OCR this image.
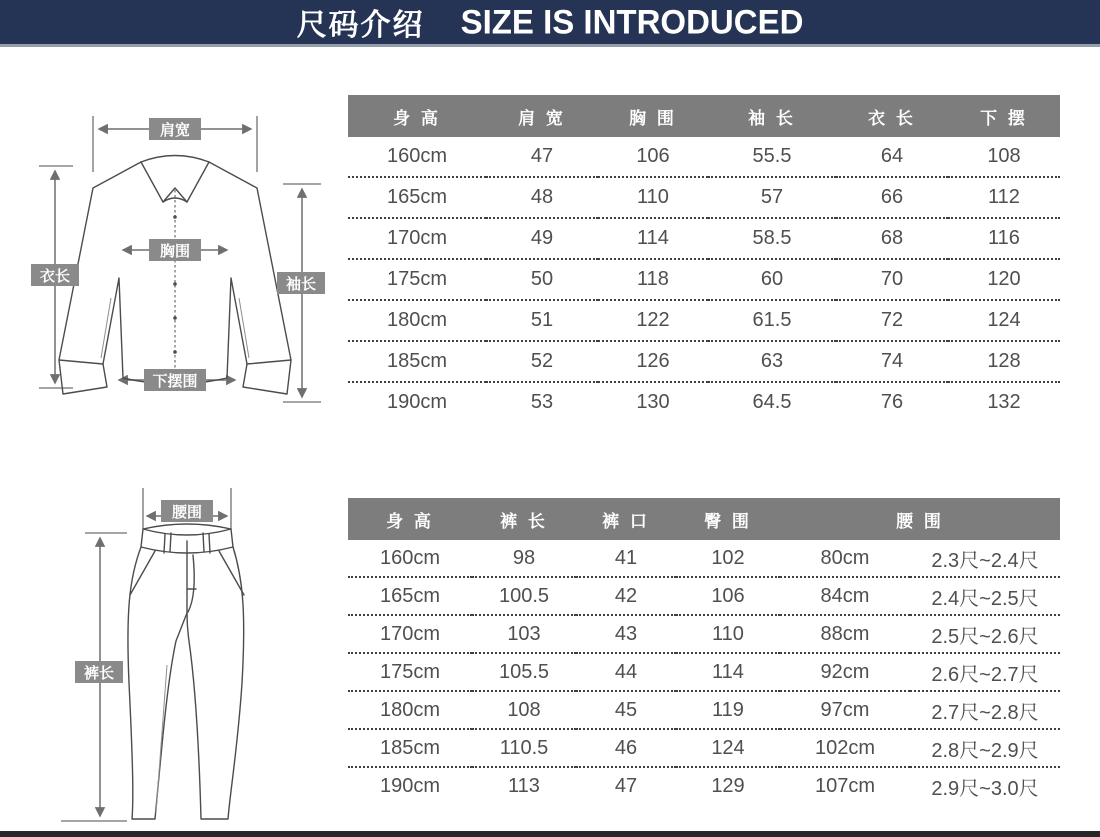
尺码介绍 SIZE IS INTRODUCED
肩宽
衣长
胸围
袖长
下摆围
身 高	肩 宽	胸 围	袖 长	衣 长	下 摆
160cm	47	106	55.5	64	108
165cm	48	110	57	66	112
170cm	49	114	58.5	68	116
175cm	50	118	60	70	120
180cm	51	122	61.5	72	124
185cm	52	126	63	74	128
190cm	53	130	64.5	76	132
腰围
裤长
身 高	裤 长	裤 口	臀 围	腰 围	
160cm	98	41	102	80cm	2.3尺~2.4尺
165cm	100.5	42	106	84cm	2.4尺~2.5尺
170cm	103	43	110	88cm	2.5尺~2.6尺
175cm	105.5	44	114	92cm	2.6尺~2.7尺
180cm	108	45	119	97cm	2.7尺~2.8尺
185cm	110.5	46	124	102cm	2.8尺~2.9尺
190cm	113	47	129	107cm	2.9尺~3.0尺
